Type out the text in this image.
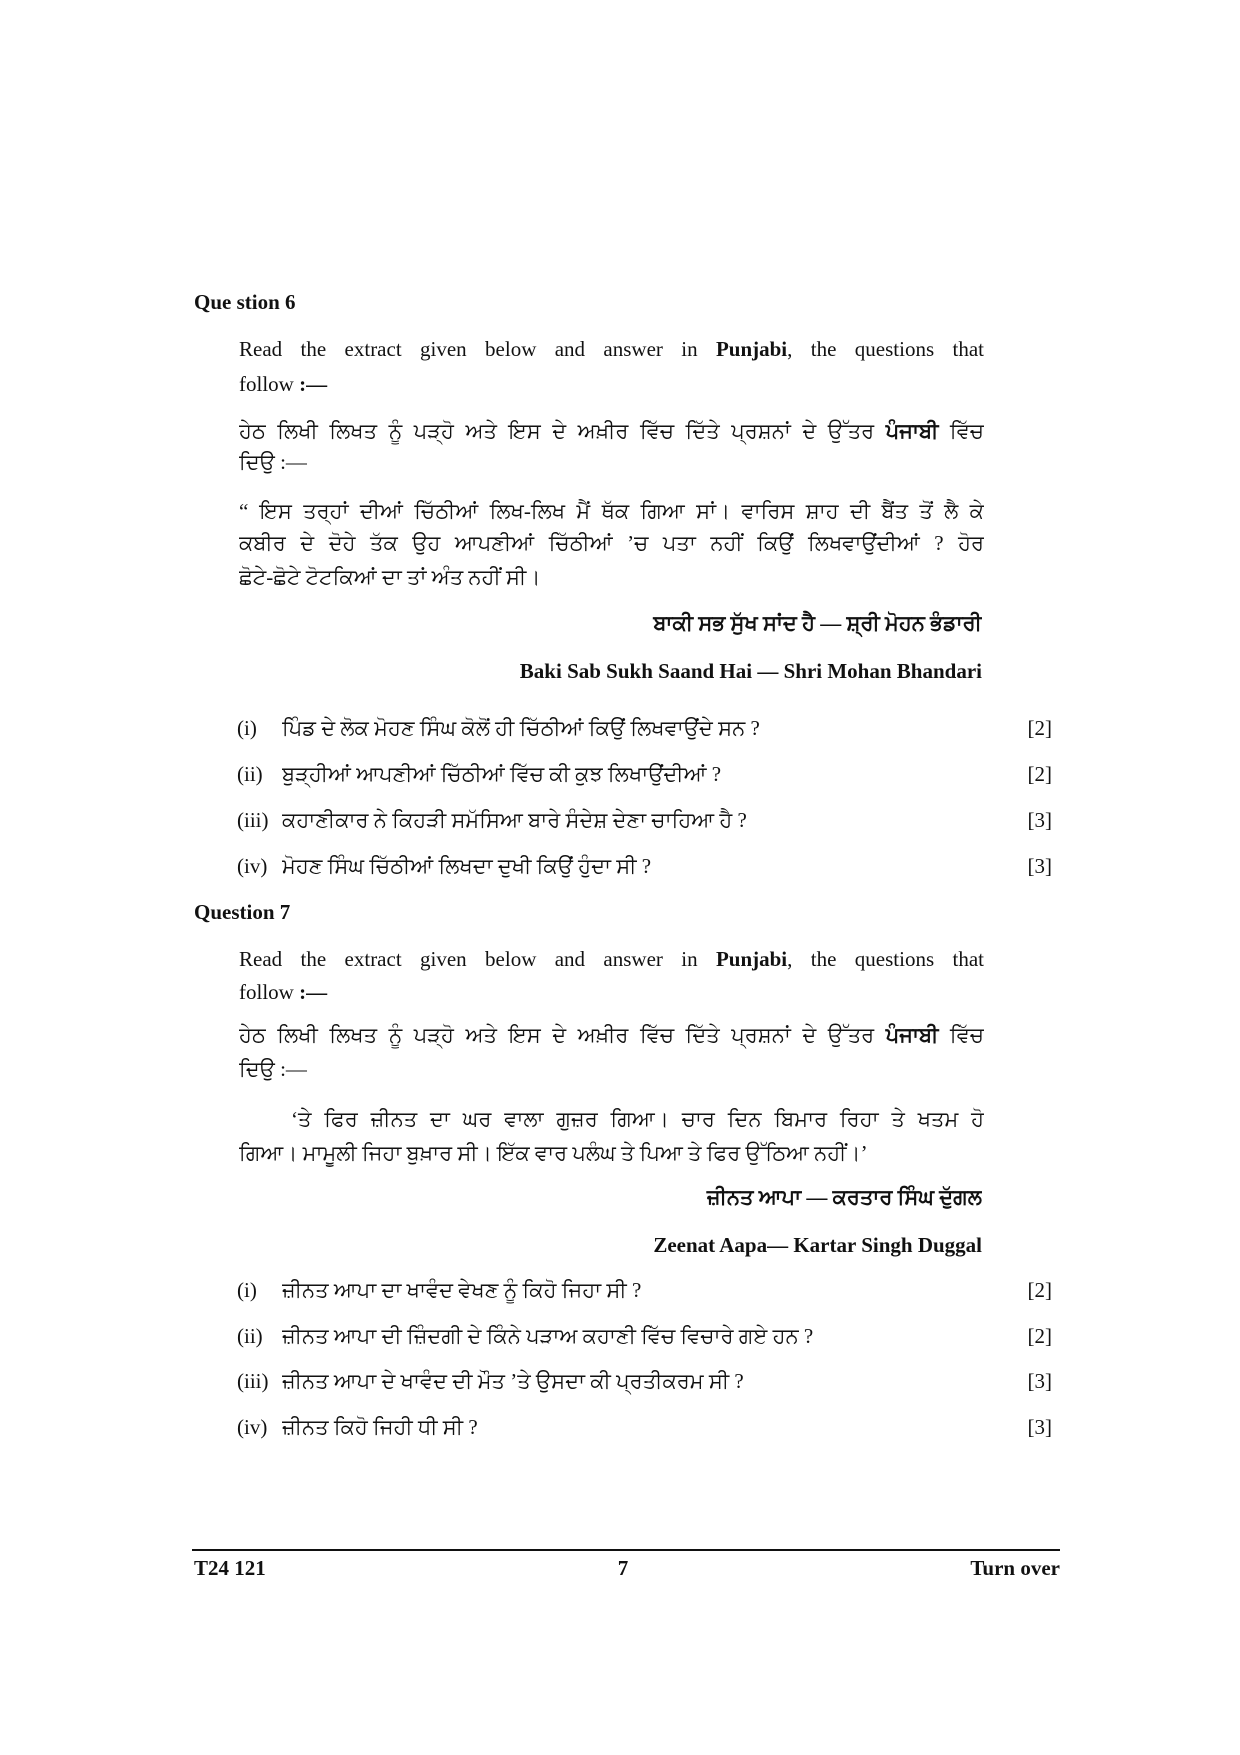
Que stion 6
Read the extract given below and answer in Punjabi, the questions that
follow :—
ਹੇਠ ਲਿਖੀ ਲਿਖਤ ਨੂੰ ਪੜ੍ਹੋ ਅਤੇ ਇਸ ਦੇ ਅਖ਼ੀਰ ਵਿੱਚ ਦਿੱਤੇ ਪ੍ਰਸ਼ਨਾਂ ਦੇ ਉੱਤਰ ਪੰਜਾਬੀ ਵਿੱਚ
ਦਿਉ :—
“ ਇਸ ਤਰ੍ਹਾਂ ਦੀਆਂ ਚਿੱਠੀਆਂ ਲਿਖ-ਲਿਖ ਮੈਂ ਥੱਕ ਗਿਆ ਸਾਂ। ਵਾਰਿਸ ਸ਼ਾਹ ਦੀ ਬੈਂਤ ਤੋਂ ਲੈ ਕੇ
ਕਬੀਰ ਦੇ ਦੋਹੇ ਤੱਕ ਉਹ ਆਪਣੀਆਂ ਚਿੱਠੀਆਂ ’ਚ ਪਤਾ ਨਹੀਂ ਕਿਉਂ ਲਿਖਵਾਉਂਦੀਆਂ ? ਹੋਰ
ਛੋਟੇ-ਛੋਟੇ ਟੋਟਕਿਆਂ ਦਾ ਤਾਂ ਅੰਤ ਨਹੀਂ ਸੀ।
ਬਾਕੀ ਸਭ ਸੁੱਖ ਸਾਂਦ ਹੈ — ਸ਼੍ਰੀ ਮੋਹਨ ਭੰਡਾਰੀ
Baki Sab Sukh Saand Hai — Shri Mohan Bhandari
(i) ਪਿੰਡ ਦੇ ਲੋਕ ਮੋਹਣ ਸਿੰਘ ਕੋਲੋਂ ਹੀ ਚਿੱਠੀਆਂ ਕਿਉਂ ਲਿਖਵਾਉਂਦੇ ਸਨ ?	[2]
(ii) ਬੁੜ੍ਹੀਆਂ ਆਪਣੀਆਂ ਚਿੱਠੀਆਂ ਵਿੱਚ ਕੀ ਕੁਝ ਲਿਖਾਉਂਦੀਆਂ ?	[2]
(iii) ਕਹਾਣੀਕਾਰ ਨੇ ਕਿਹੜੀ ਸਮੱਸਿਆ ਬਾਰੇ ਸੰਦੇਸ਼ ਦੇਣਾ ਚਾਹਿਆ ਹੈ ?	[3]
(iv) ਮੋਹਣ ਸਿੰਘ ਚਿੱਠੀਆਂ ਲਿਖਦਾ ਦੁਖੀ ਕਿਉਂ ਹੁੰਦਾ ਸੀ ?	[3]
Question 7
Read the extract given below and answer in Punjabi, the questions that
follow :—
ਹੇਠ ਲਿਖੀ ਲਿਖਤ ਨੂੰ ਪੜ੍ਹੋ ਅਤੇ ਇਸ ਦੇ ਅਖ਼ੀਰ ਵਿੱਚ ਦਿੱਤੇ ਪ੍ਰਸ਼ਨਾਂ ਦੇ ਉੱਤਰ ਪੰਜਾਬੀ ਵਿੱਚ
ਦਿਉ :—
‘ਤੇ ਫਿਰ ਜ਼ੀਨਤ ਦਾ ਘਰ ਵਾਲਾ ਗੁਜ਼ਰ ਗਿਆ। ਚਾਰ ਦਿਨ ਬਿਮਾਰ ਰਿਹਾ ਤੇ ਖਤਮ ਹੋ
ਗਿਆ। ਮਾਮੂਲੀ ਜਿਹਾ ਬੁਖ਼ਾਰ ਸੀ। ਇੱਕ ਵਾਰ ਪਲੰਘ ਤੇ ਪਿਆ ਤੇ ਫਿਰ ਉੱਠਿਆ ਨਹੀਂ।’
ਜ਼ੀਨਤ ਆਪਾ — ਕਰਤਾਰ ਸਿੰਘ ਦੁੱਗਲ
Zeenat Aapa— Kartar Singh Duggal
(i) ਜ਼ੀਨਤ ਆਪਾ ਦਾ ਖਾਵੰਦ ਵੇਖਣ ਨੂੰ ਕਿਹੋ ਜਿਹਾ ਸੀ ?	[2]
(ii) ਜ਼ੀਨਤ ਆਪਾ ਦੀ ਜ਼ਿੰਦਗੀ ਦੇ ਕਿੰਨੇ ਪੜਾਅ ਕਹਾਣੀ ਵਿੱਚ ਵਿਚਾਰੇ ਗਏ ਹਨ ?	[2]
(iii) ਜ਼ੀਨਤ ਆਪਾ ਦੇ ਖਾਵੰਦ ਦੀ ਮੌਤ ’ਤੇ ਉਸਦਾ ਕੀ ਪ੍ਰਤੀਕਰਮ ਸੀ ?	[3]
(iv) ਜ਼ੀਨਤ ਕਿਹੋ ਜਿਹੀ ਧੀ ਸੀ ?	[3]
T24 121	7	Turn over
